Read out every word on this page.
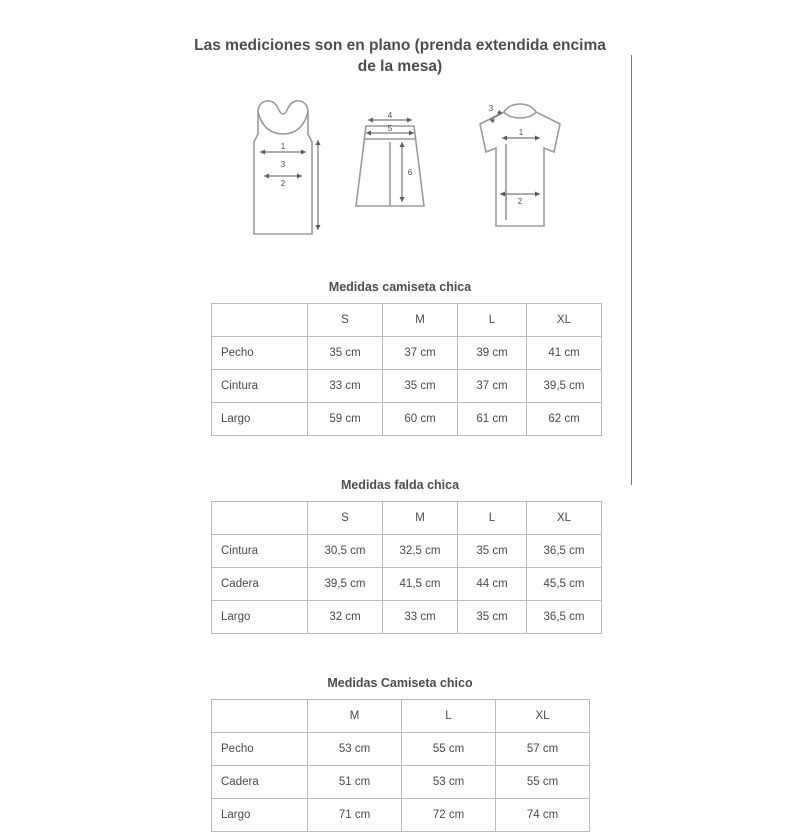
Las mediciones son en plano (prenda extendida encima de la mesa)
1
3
2
4
5
6
3
1
2
Medidas camiseta chica
	S	M	L	XL
Pecho	35 cm	37 cm	39 cm	41 cm
Cintura	33 cm	35 cm	37 cm	39,5 cm
Largo	59 cm	60 cm	61 cm	62 cm
Medidas falda chica
	S	M	L	XL
Cintura	30,5 cm	32,5 cm	35 cm	36,5 cm
Cadera	39,5 cm	41,5 cm	44 cm	45,5 cm
Largo	32 cm	33 cm	35 cm	36,5 cm
Medidas Camiseta chico
	M	L	XL
Pecho	53 cm	55 cm	57 cm
Cadera	51 cm	53 cm	55 cm
Largo	71 cm	72 cm	74 cm
